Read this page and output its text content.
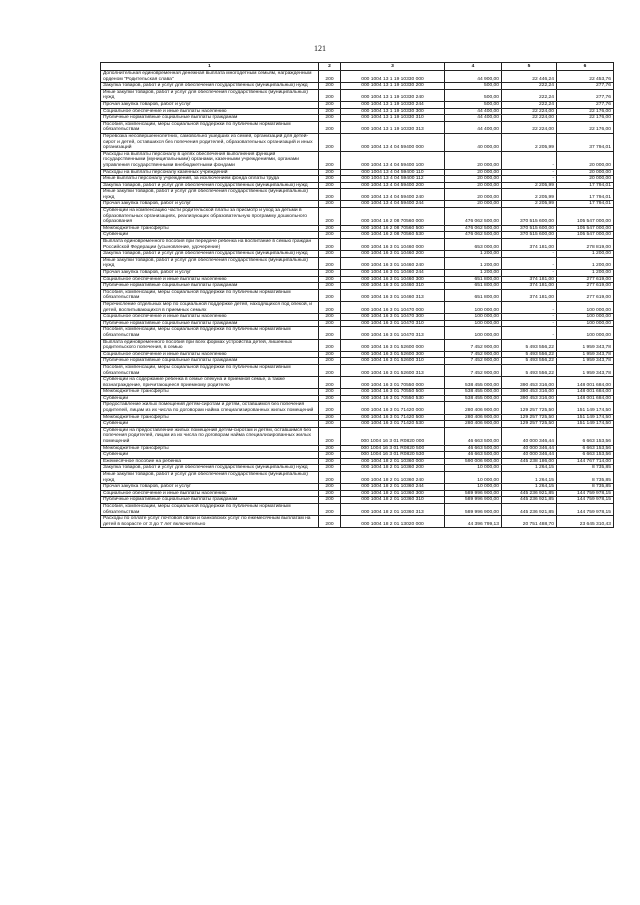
121
1	2	3	4	5	6
Дополнительная единовременная денежная выплата многодетным семьям, награжденным орденом "Родительская слава"	200	000 1004 13 1 19 10330 000	44 900,00	22 446,24	22 453,76
Закупка товаров, работ и услуг для обеспечения государственных (муниципальных) нужд	200	000 1004 13 1 19 10330 200	500,00	222,24	277,76
Иные закупки товаров, работ и услуг для обеспечения государственных (муниципальных) нужд	200	000 1004 13 1 19 10330 240	500,00	222,24	277,76
Прочая закупка товаров, работ и услуг	200	000 1004 13 1 19 10330 244	500,00	222,24	277,76
Социальное обеспечение и иные выплаты населению	200	000 1004 13 1 19 10330 300	44 400,00	22 224,00	22 176,00
Публичные нормативные социальные выплаты гражданам	200	000 1004 13 1 19 10330 310	44 400,00	22 224,00	22 176,00
Пособия, компенсации, меры социальной поддержки по публичным нормативным обязательствам	200	000 1004 13 1 19 10330 313	44 400,00	22 224,00	22 176,00
Перевозка несовершеннолетних, самовольно ушедших из семей, организаций для детей-сирот и детей, оставшихся без попечения родителей, образовательных организаций и иных организаций	200	000 1004 13 4 04 59400 000	40 000,00	2 205,99	37 794,01
Расходы на выплаты персоналу в целях обеспечения выполнения функций государственными (муниципальными) органами, казенными учреждениями, органами управления государственными внебюджетными фондами	200	000 1004 13 4 04 59400 100	20 000,00	-	20 000,00
Расходы на выплаты персоналу казенных учреждений	200	000 1004 13 4 04 59400 110	20 000,00	-	20 000,00
Иные выплаты персоналу учреждений, за исключением фонда оплаты труда	200	000 1004 13 4 04 59400 112	20 000,00	-	20 000,00
Закупка товаров, работ и услуг для обеспечения государственных (муниципальных) нужд	200	000 1004 13 4 04 59400 200	20 000,00	2 205,99	17 794,01
Иные закупки товаров, работ и услуг для обеспечения государственных (муниципальных) нужд	200	000 1004 13 4 04 59400 240	20 000,00	2 205,99	17 794,01
Прочая закупка товаров, работ и услуг	200	000 1004 13 4 04 59400 244	20 000,00	2 205,99	17 794,01
Субвенции на компенсацию части родительской платы за присмотр и уход за детьми в образовательных организациях, реализующих образовательную программу дошкольного образования	200	000 1004 16 2 08 70560 000	476 062 500,00	370 515 600,00	105 547 000,00
Межбюджетные трансферты	200	000 1004 16 2 08 70560 500	476 062 500,00	370 515 600,00	105 547 000,00
Субвенции	200	000 1004 16 2 08 70560 530	476 062 500,00	370 515 600,00	105 547 000,00
Выплата единовременного пособия при передаче ребенка на воспитание в семью граждан Российской Федерации (усыновление, удочерение)	200	000 1004 16 3 01 10460 000	653 000,00	374 181,00	278 819,00
Закупка товаров, работ и услуг для обеспечения государственных (муниципальных) нужд	200	000 1004 16 3 01 10460 200	1 200,00	-	1 200,00
Иные закупки товаров, работ и услуг для обеспечения государственных (муниципальных) нужд	200	000 1004 16 3 01 10460 240	1 200,00	-	1 200,00
Прочая закупка товаров, работ и услуг	200	000 1004 16 3 01 10460 244	1 200,00	-	1 200,00
Социальное обеспечение и иные выплаты населению	200	000 1004 16 3 01 10460 300	651 800,00	374 181,00	277 619,00
Публичные нормативные социальные выплаты гражданам	200	000 1004 16 3 01 10460 310	651 800,00	374 181,00	277 619,00
Пособия, компенсации, меры социальной поддержки по публичным нормативным обязательствам	200	000 1004 16 3 01 10460 313	651 800,00	374 181,00	277 619,00
Перечисление отдельных мер по социальной поддержке детей, находящихся под опекой, и детей, воспитывающихся в приемных семьях	200	000 1004 16 3 01 10470 000	100 000,00	-	100 000,00
Социальное обеспечение и иные выплаты населению	200	000 1004 16 3 01 10470 300	100 000,00	-	100 000,00
Публичные нормативные социальные выплаты гражданам	200	000 1004 16 3 01 10470 310	100 000,00	-	100 000,00
Пособия, компенсации, меры социальной поддержки по публичным нормативным обязательствам	200	000 1004 16 3 01 10470 313	100 000,00	-	100 000,00
Выплата единовременного пособия при всех формах устройства детей, лишенных родительского попечения, в семью	200	000 1004 16 3 01 52600 000	7 452 900,00	5 493 556,22	1 959 343,78
Социальное обеспечение и иные выплаты населению	200	000 1004 16 3 01 52600 300	7 452 900,00	5 493 556,22	1 959 343,78
Публичные нормативные социальные выплаты гражданам	200	000 1004 16 3 01 52600 310	7 452 900,00	5 493 556,22	1 959 343,78
Пособия, компенсации, меры социальной поддержки по публичным нормативным обязательствам	200	000 1004 16 3 01 52600 313	7 452 900,00	5 493 556,22	1 959 343,78
Субвенции на содержание ребенка в семье опекуна и приемной семье, а также вознаграждение, причитающееся приемному родителю	200	000 1004 16 3 01 70550 000	538 455 000,00	390 453 316,00	148 001 684,00
Межбюджетные трансферты	200	000 1004 16 3 01 70550 500	538 455 000,00	390 453 316,00	148 001 684,00
Субвенции	200	000 1004 16 3 01 70550 530	538 455 000,00	390 453 316,00	148 001 684,00
Предоставление жилых помещений детям-сиротам и детям, оставшимся без попечения родителей, лицам из их числа по договорам найма специализированных жилых помещений	200	000 1004 16 3 01 71420 000	280 406 900,00	129 257 725,50	151 149 174,50
Межбюджетные трансферты	200	000 1004 16 3 01 71420 500	280 406 900,00	129 257 725,50	151 149 174,50
Субвенции	200	000 1004 16 3 01 71420 530	280 406 900,00	129 257 725,50	151 149 174,50
Субвенции на предоставление жилых помещений детям-сиротам и детям, оставшимся без попечения родителей, лицам из их числа по договорам найма специализированных жилых помещений	200	000 1004 16 3 01 R0820 000	46 663 500,00	40 000 346,44	6 663 153,56
Межбюджетные трансферты	200	000 1004 16 3 01 R0820 500	46 663 500,00	40 000 346,44	6 663 153,56
Субвенции	200	000 1004 16 3 01 R0820 530	46 663 500,00	40 000 346,44	6 663 153,56
Ежемесячное пособие на ребенка	200	000 1004 18 2 01 10360 000	590 006 900,00	445 238 186,00	144 767 714,00
Закупка товаров, работ и услуг для обеспечения государственных (муниципальных) нужд	200	000 1004 18 2 01 10360 200	10 000,00	1 264,15	8 735,85
Иные закупки товаров, работ и услуг для обеспечения государственных (муниципальных) нужд	200	000 1004 18 2 01 10360 240	10 000,00	1 264,15	8 735,85
Прочая закупка товаров, работ и услуг	200	000 1004 18 2 01 10360 244	10 000,00	1 264,15	8 735,85
Социальное обеспечение и иные выплаты населению	200	000 1004 18 2 01 10360 300	589 996 900,00	445 236 921,85	144 759 978,15
Публичные нормативные социальные выплаты гражданам	200	000 1004 18 2 01 10360 310	589 996 900,00	445 236 921,85	144 759 978,15
Пособия, компенсации, меры социальной поддержки по публичным нормативным обязательствам	200	000 1004 18 2 01 10360 313	589 996 900,00	445 236 921,85	144 759 978,15
Расходы по оплате услуг почтовой связи и банковских услуг по ежемесячным выплатам на детей в возрасте от 3 до 7 лет включительно	200	000 1004 18 2 01 13020 000	44 396 799,13	20 751 488,70	23 645 310,43
